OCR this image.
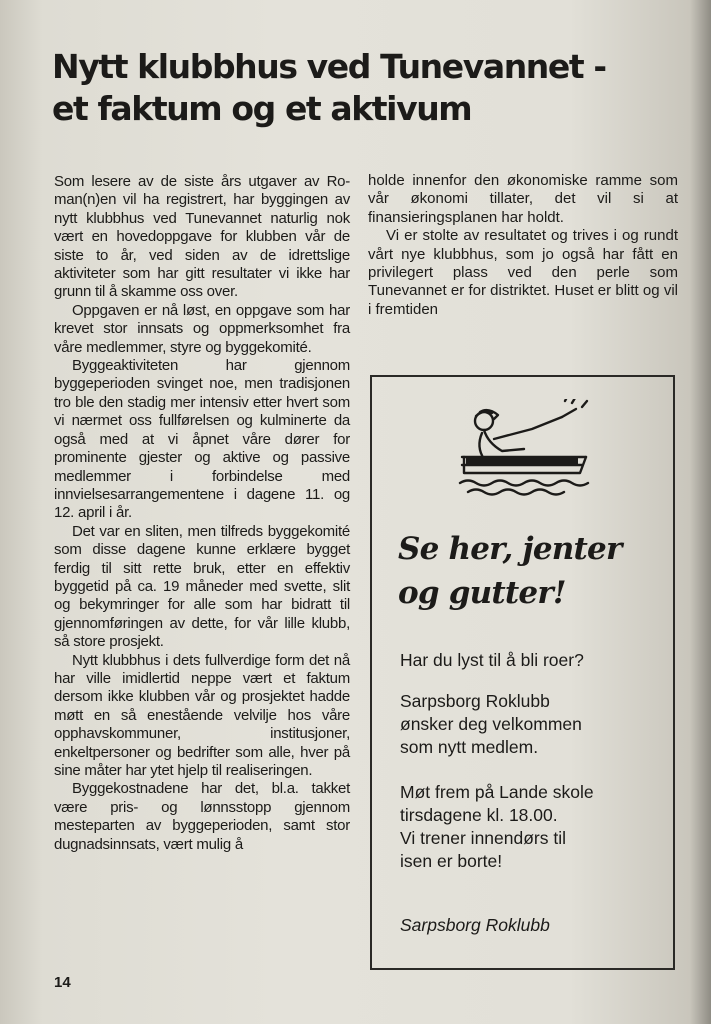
Nytt klubbhus ved Tunevannet -
et faktum og et aktivum

Som lesere av de siste års utgaver av Ro-man(n)en vil ha registrert, har byggingen av nytt klubbhus ved Tunevannet naturlig nok vært en hovedoppgave for klubben vår de siste to år, ved siden av de idrettslige aktiviteter som har gitt resultater vi ikke har grunn til å skamme oss over.

Oppgaven er nå løst, en oppgave som har krevet stor innsats og oppmerksomhet fra våre medlemmer, styre og byggekomité.

Byggeaktiviteten har gjennom byggeperioden svinget noe, men tradisjonen tro ble den stadig mer intensiv etter hvert som vi nærmet oss fullførelsen og kulminerte da også med at vi åpnet våre dører for prominente gjester og aktive og passive medlemmer i forbindelse med innvielsesarrangementene i dagene 11. og 12. april i år.

Det var en sliten, men tilfreds byggekomité som disse dagene kunne erklære bygget ferdig til sitt rette bruk, etter en effektiv byggetid på ca. 19 måneder med svette, slit og bekymringer for alle som har bidratt til gjennomføringen av dette, for vår lille klubb, så store prosjekt.

Nytt klubbhus i dets fullverdige form det nå har ville imidlertid neppe vært et faktum dersom ikke klubben vår og prosjektet hadde møtt en så enestående velvilje hos våre opphavskommuner, institusjoner, enkeltpersoner og bedrifter som alle, hver på sine måter har ytet hjelp til realiseringen.

Byggekostnadene har det, bl.a. takket være pris- og lønnsstopp gjennom mesteparten av byggeperioden, samt stor dugnadsinnsats, vært mulig å

holde innenfor den økonomiske ramme som vår økonomi tillater, det vil si at finansieringsplanen har holdt.

Vi er stolte av resultatet og trives i og rundt vårt nye klubbhus, som jo også har fått en privilegert plass ved den perle som Tunevannet er for distriktet. Huset er blitt og vil i fremtiden

Se her, jenter
og gutter!
Har du lyst til å bli roer?
Sarpsborg Roklubb
ønsker deg velkommen
som nytt medlem.
Møt frem på Lande skole
tirsdagene kl. 18.00.
Vi trener innendørs til
isen er borte!
Sarpsborg Roklubb
14
